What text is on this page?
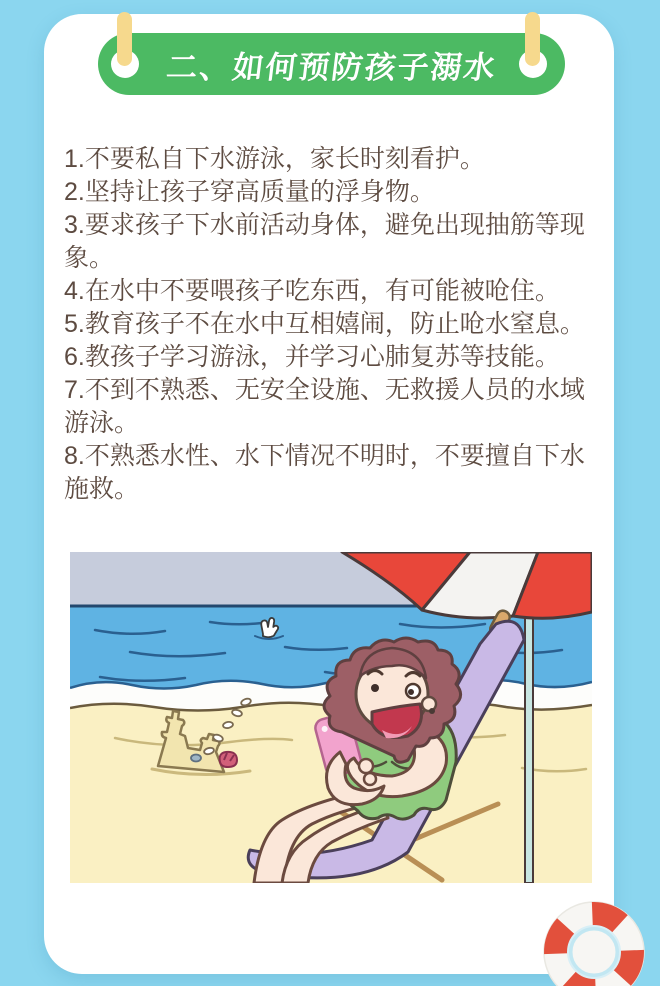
二、如何预防孩子溺水
1.不要私自下水游泳，家长时刻看护。
2.坚持让孩子穿高质量的浮身物。
3.要求孩子下水前活动身体，避免出现抽筋等现象。
4.在水中不要喂孩子吃东西，有可能被呛住。
5.教育孩子不在水中互相嬉闹，防止呛水窒息。
6.教孩子学习游泳，并学习心肺复苏等技能。
7.不到不熟悉、无安全设施、无救援人员的水域游泳。
8.不熟悉水性、水下情况不明时，不要擅自下水施救。
